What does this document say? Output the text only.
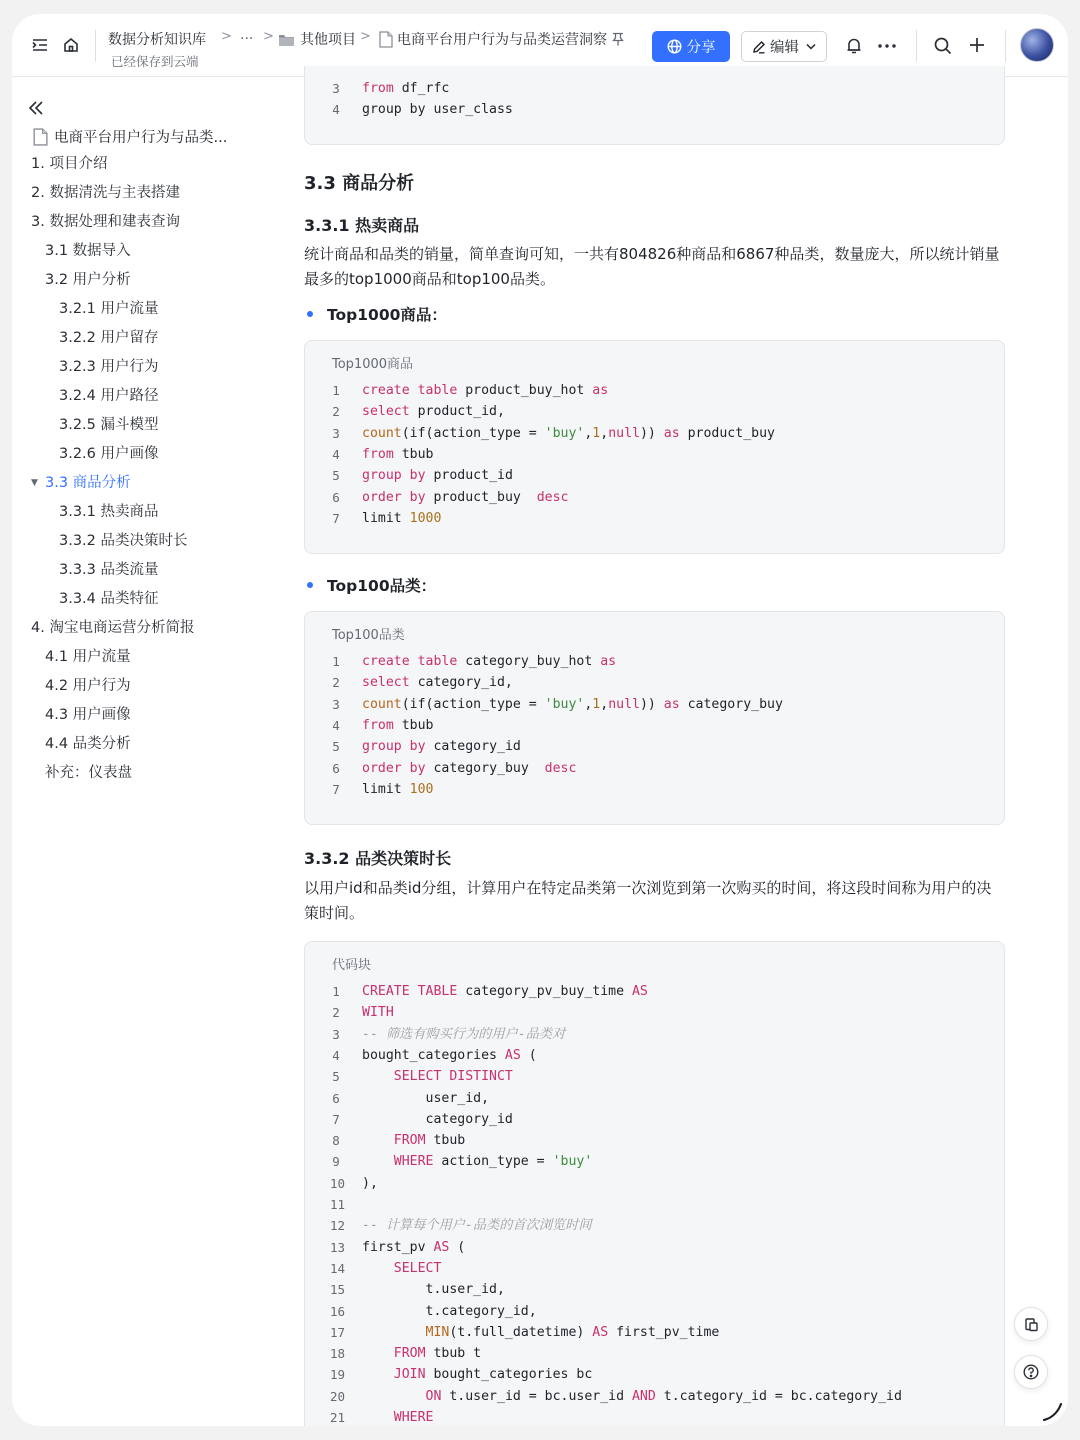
数据分析知识库 > ··· > 其他项目 > 电商平台用户行为与品类运营洞察
已经保存到云端
分享	编辑
电商平台用户行为与品类...
1. 项目介绍
2. 数据清洗与主表搭建
3. 数据处理和建表查询
3.1 数据导入
3.2 用户分析
3.2.1 用户流量
3.2.2 用户留存
3.2.3 用户行为
3.2.4 用户路径
3.2.5 漏斗模型
3.2.6 用户画像
▼ 3.3 商品分析
3.3.1 热卖商品
3.3.2 品类决策时长
3.3.3 品类流量
3.3.4 品类特征
4. 淘宝电商运营分析简报
4.1 用户流量
4.2 用户行为
4.3 用户画像
4.4 品类分析
补充：仪表盘
3 from df_rfc
4 group by user_class
3.3 商品分析
3.3.1 热卖商品
统计商品和品类的销量，简单查询可知，一共有804826种商品和6867种品类，数量庞大，所以统计销量最多的top1000商品和top100品类。
Top1000商品：
Top1000商品
1 create table product_buy_hot as
2 select product_id,
3 count(if(action_type = 'buy',1,null)) as product_buy
4 from tbub
5 group by product_id
6 order by product_buy  desc
7 limit 1000
Top100品类：
Top100品类
1 create table category_buy_hot as
2 select category_id,
3 count(if(action_type = 'buy',1,null)) as category_buy
4 from tbub
5 group by category_id
6 order by category_buy  desc
7 limit 100
3.3.2 品类决策时长
以用户id和品类id分组，计算用户在特定品类第一次浏览到第一次购买的时间，将这段时间称为用户的决策时间。
代码块
1 CREATE TABLE category_pv_buy_time AS
2 WITH
3 -- 筛选有购买行为的用户-品类对
4 bought_categories AS (
5	SELECT DISTINCT
6 user_id,
7 category_id
8	FROM tbub
9	WHERE action_type = 'buy'
10 ),
11
12 -- 计算每个用户-品类的首次浏览时间
13 first_pv AS (
14	SELECT
15 t.user_id,
16 t.category_id,
17	MIN(t.full_datetime) AS first_pv_time
18	FROM tbub t
19	JOIN bought_categories bc
20	ON t.user_id = bc.user_id AND t.category_id = bc.category_id
21	WHERE
